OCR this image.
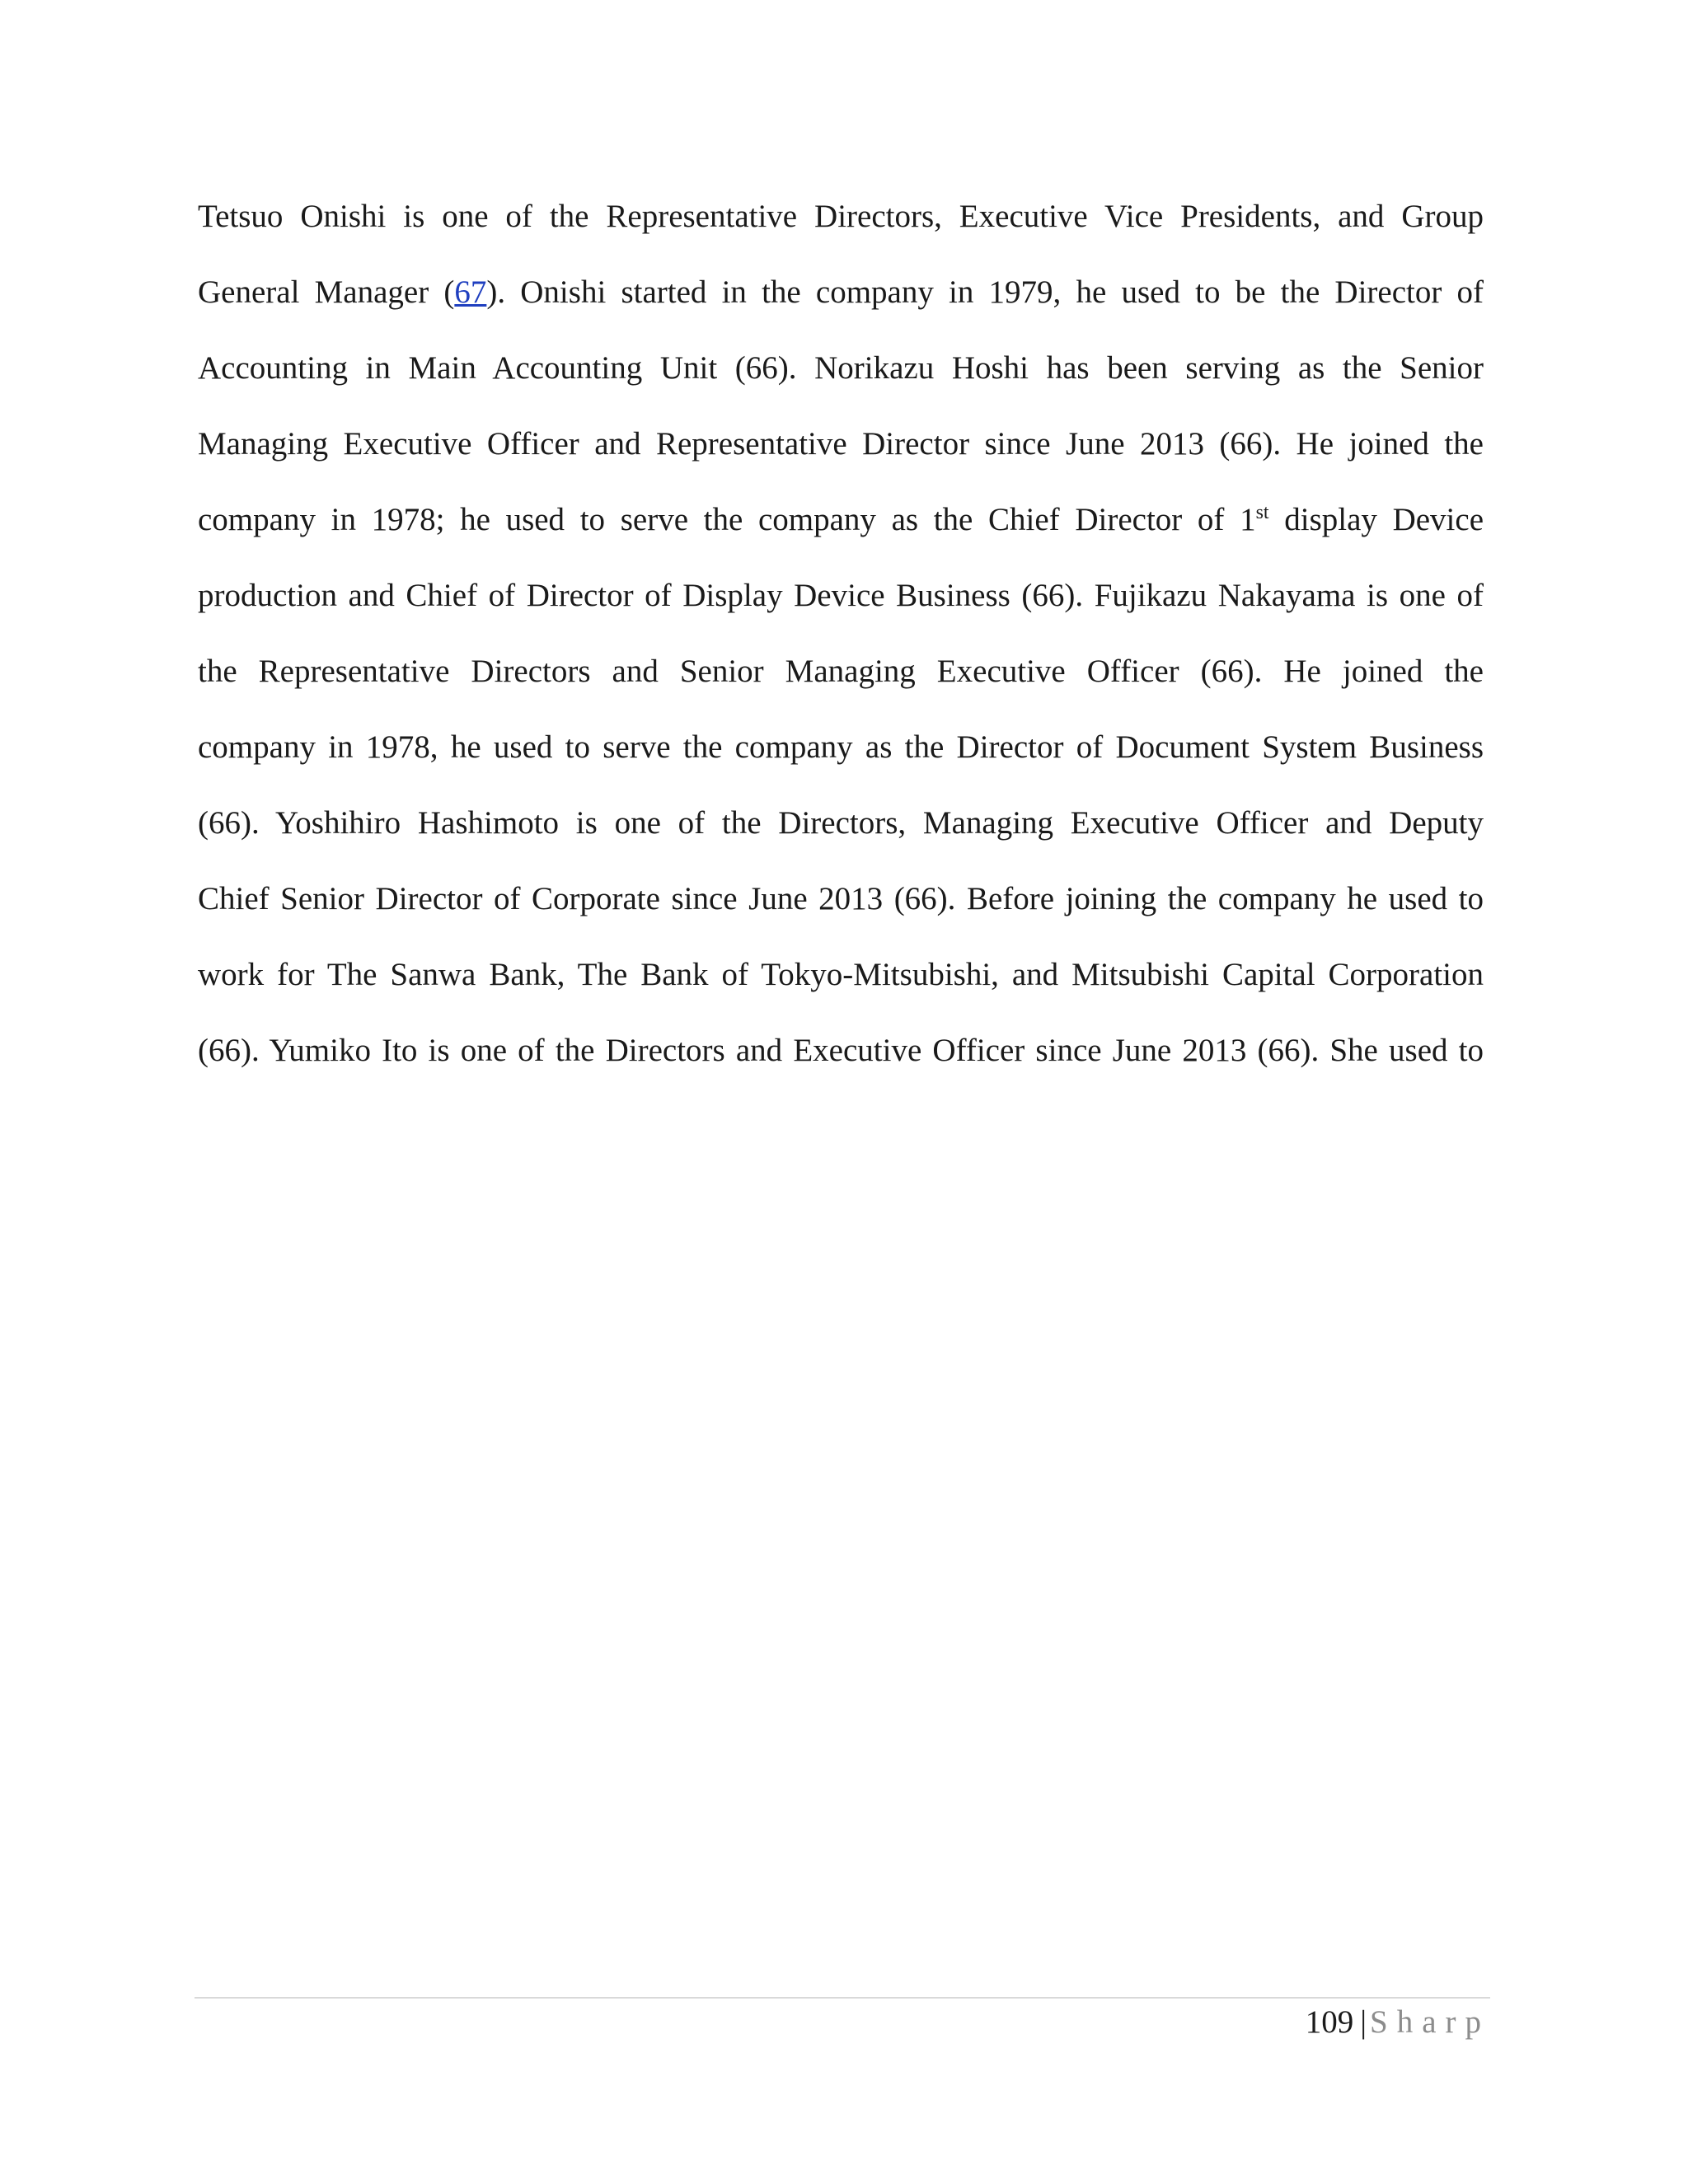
Tetsuo Onishi is one of the Representative Directors, Executive Vice Presidents, and Group
General Manager (67). Onishi started in the company in 1979, he used to be the Director of
Accounting in Main Accounting Unit (66). Norikazu Hoshi has been serving as the Senior
Managing Executive Officer and Representative Director since June 2013 (66). He joined the
company in 1978; he used to serve the company as the Chief Director of 1st display Device
production and Chief of Director of Display Device Business (66). Fujikazu Nakayama is one of
the Representative Directors and Senior Managing Executive Officer (66). He joined the
company in 1978, he used to serve the company as the Director of Document System Business
(66). Yoshihiro Hashimoto is one of the Directors, Managing Executive Officer and Deputy
Chief Senior Director of Corporate since June 2013 (66). Before joining the company he used to
work for The Sanwa Bank, The Bank of Tokyo-Mitsubishi, and Mitsubishi Capital Corporation
(66). Yumiko Ito is one of the Directors and Executive Officer since June 2013 (66). She used to
109 | Sharp
